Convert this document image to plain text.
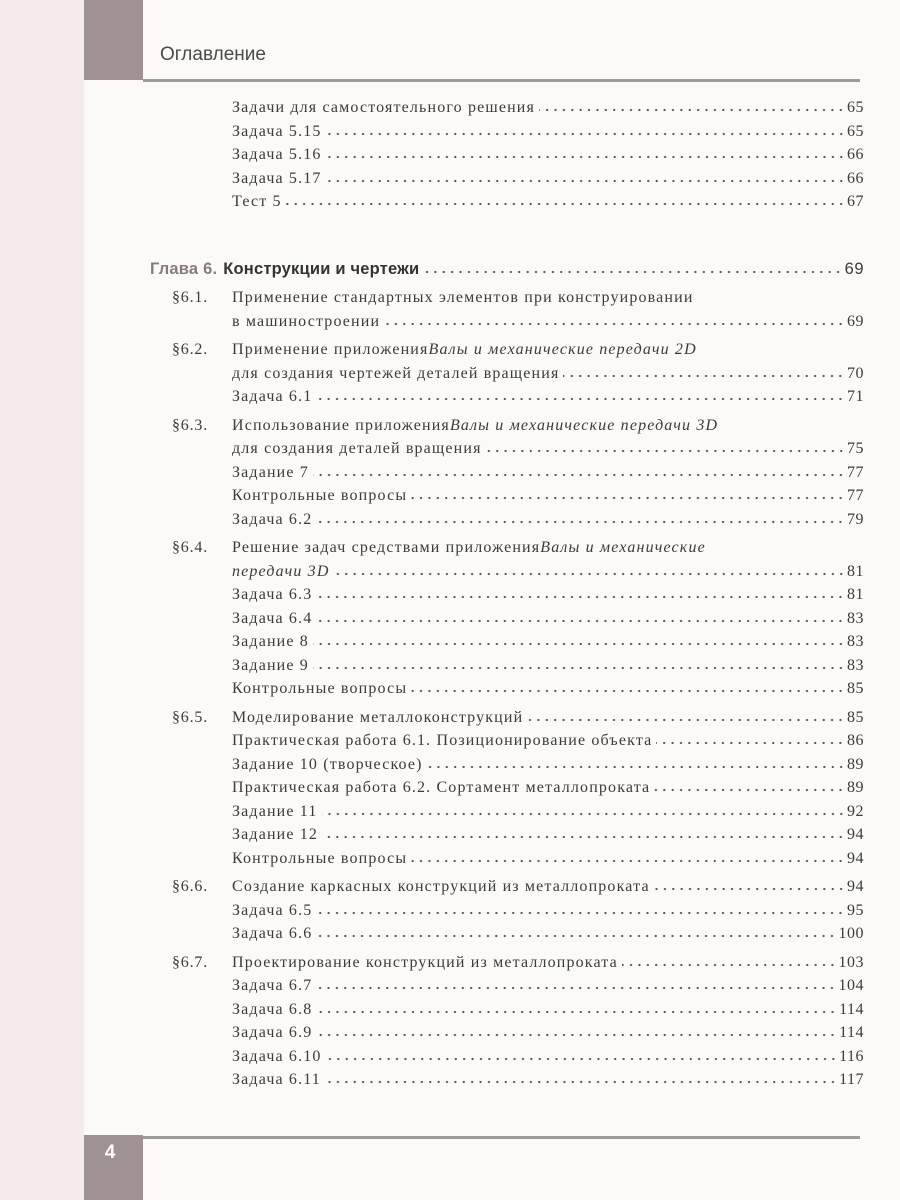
Оглавление
Задачи для самостоятельного решения	65
Задача 5.15	65
Задача 5.16	66
Задача 5.17	66
Тест 5	67
Глава 6. Конструкции и чертежи	69
§6.1. Применение стандартных элементов при конструировании
в машиностроении	69
§6.2. Применение приложения Валы и механические передачи 2D
для создания чертежей деталей вращения	70
Задача 6.1	71
§6.3. Использование приложения Валы и механические передачи 3D
для создания деталей вращения	75
Задание 7	77
Контрольные вопросы	77
Задача 6.2	79
§6.4. Решение задач средствами приложения Валы и механические
передачи 3D	81
Задача 6.3	81
Задача 6.4	83
Задание 8	83
Задание 9	83
Контрольные вопросы	85
§6.5. Моделирование металлоконструкций	85
Практическая работа 6.1. Позиционирование объекта	86
Задание 10 (творческое)	89
Практическая работа 6.2. Сортамент металлопроката	89
Задание 11	92
Задание 12	94
Контрольные вопросы	94
§6.6. Создание каркасных конструкций из металлопроката	94
Задача 6.5	95
Задача 6.6	100
§6.7. Проектирование конструкций из металлопроката	103
Задача 6.7	104
Задача 6.8	114
Задача 6.9	114
Задача 6.10	116
Задача 6.11	117
4
